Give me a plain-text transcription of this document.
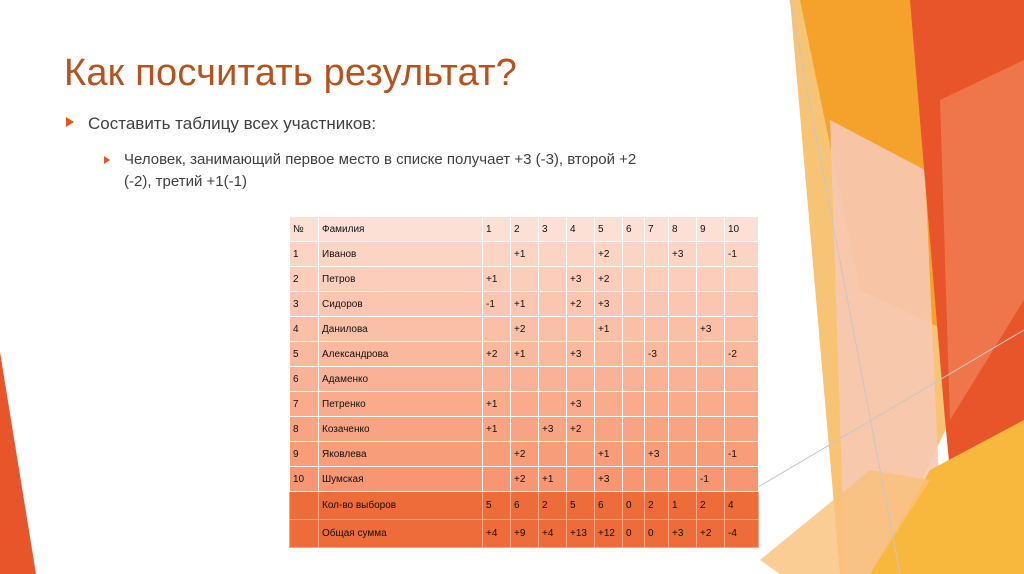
Как посчитать результат?
Составить таблицу всех участников:
Человек, занимающий первое место в списке получает +3 (-3), второй +2 (-2), третий +1(-1)
№	Фамилия	1	2	3	4	5	6	7	8	9	10
1	Иванов		+1			+2			+3		-1
2	Петров	+1			+3	+2					
3	Сидоров	-1	+1		+2	+3					
4	Данилова		+2			+1				+3	
5	Александрова	+2	+1		+3			-3			-2
6	Адаменко										
7	Петренко	+1			+3						
8	Козаченко	+1		+3	+2						
9	Яковлева		+2			+1		+3			-1
10	Шумская		+2	+1		+3				-1	
	Кол-во выборов	5	6	2	5	6	0	2	1	2	4
	Общая сумма	+4	+9	+4	+13	+12	0	0	+3	+2	-4
